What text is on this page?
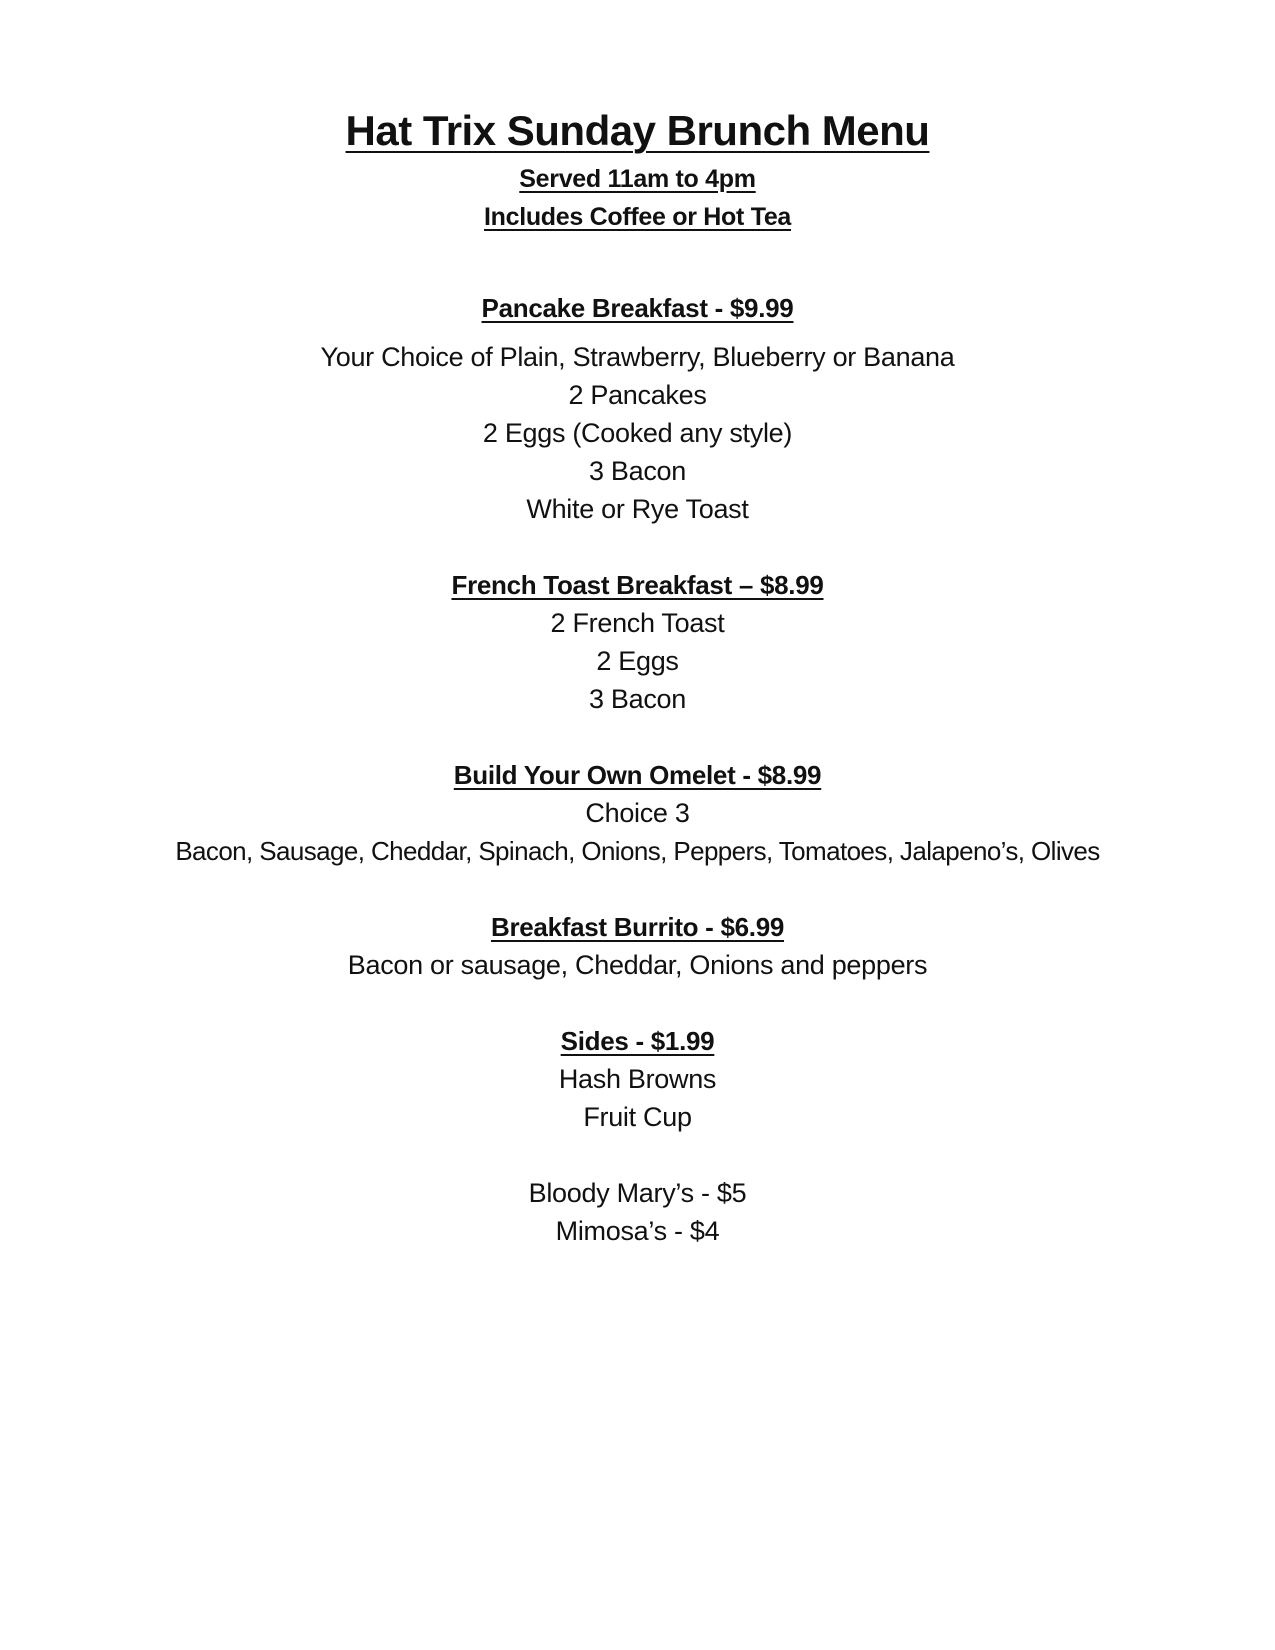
Hat Trix Sunday Brunch Menu
Served 11am to 4pm
Includes Coffee or Hot Tea
Pancake Breakfast - $9.99
Your Choice of Plain, Strawberry, Blueberry or Banana
2 Pancakes
2 Eggs (Cooked any style)
3 Bacon
White or Rye Toast
French Toast Breakfast – $8.99
2 French Toast
2 Eggs
3 Bacon
Build Your Own Omelet - $8.99
Choice 3
Bacon, Sausage, Cheddar, Spinach, Onions, Peppers, Tomatoes, Jalapeno’s, Olives
Breakfast Burrito - $6.99
Bacon or sausage, Cheddar, Onions and peppers
Sides - $1.99
Hash Browns
Fruit Cup
Bloody Mary’s - $5
Mimosa’s - $4
